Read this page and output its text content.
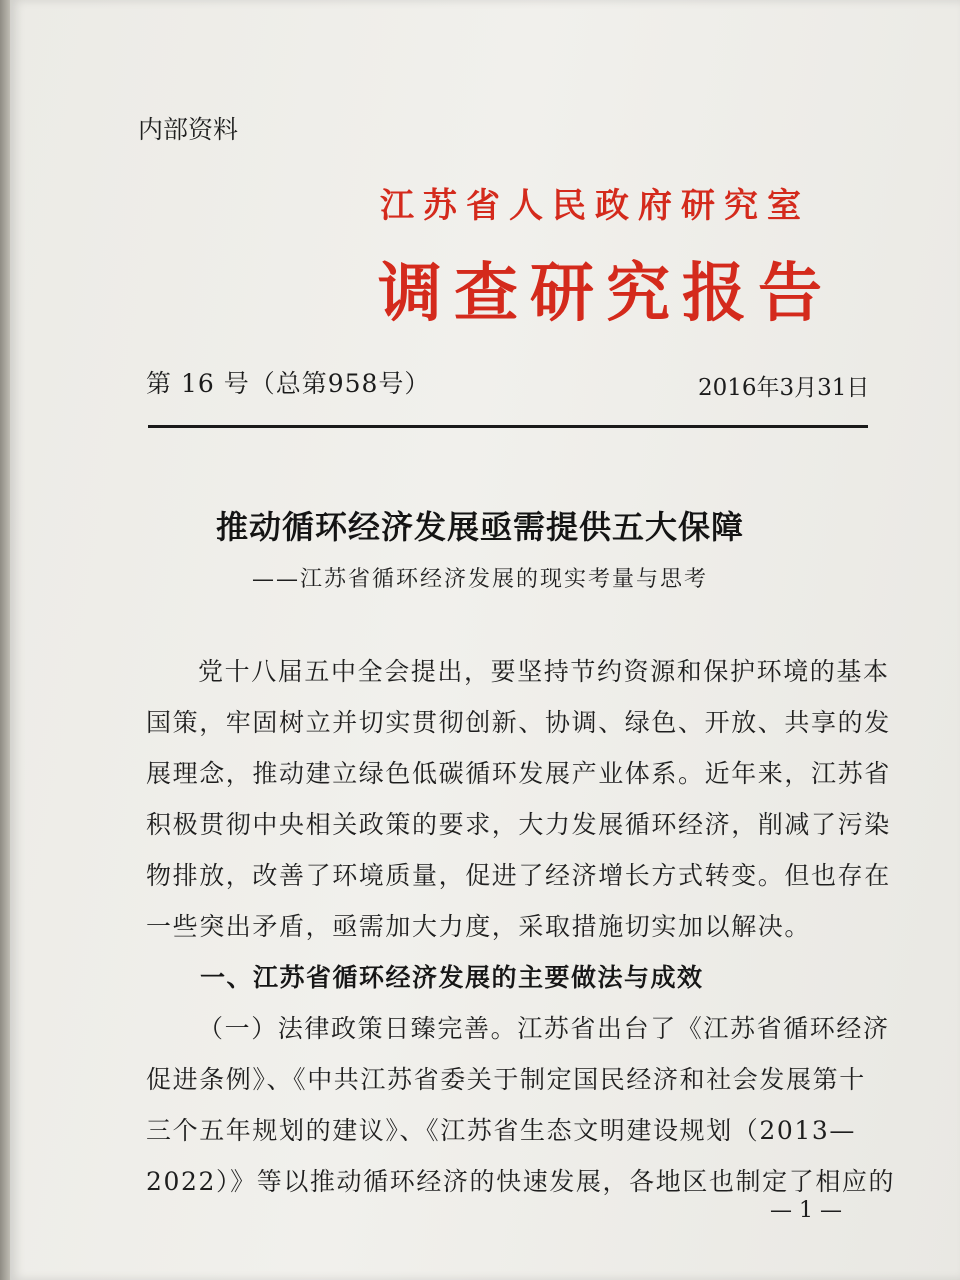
内部资料
江苏省人民政府研究室
调查研究报告
第 16 号（总第958号）	2016年3月31日
推动循环经济发展亟需提供五大保障
——江苏省循环经济发展的现实考量与思考
党十八届五中全会提出，要坚持节约资源和保护环境的基本
国策，牢固树立并切实贯彻创新、协调、绿色、开放、共享的发
展理念，推动建立绿色低碳循环发展产业体系。近年来，江苏省
积极贯彻中央相关政策的要求，大力发展循环经济，削减了污染
物排放，改善了环境质量，促进了经济增长方式转变。但也存在
一些突出矛盾，亟需加大力度，采取措施切实加以解决。
一、江苏省循环经济发展的主要做法与成效
（一）法律政策日臻完善。江苏省出台了《江苏省循环经济
促进条例》、《中共江苏省委关于制定国民经济和社会发展第十
三个五年规划的建议》、《江苏省生态文明建设规划（2013—
2022）》等以推动循环经济的快速发展，各地区也制定了相应的
— 1 —
